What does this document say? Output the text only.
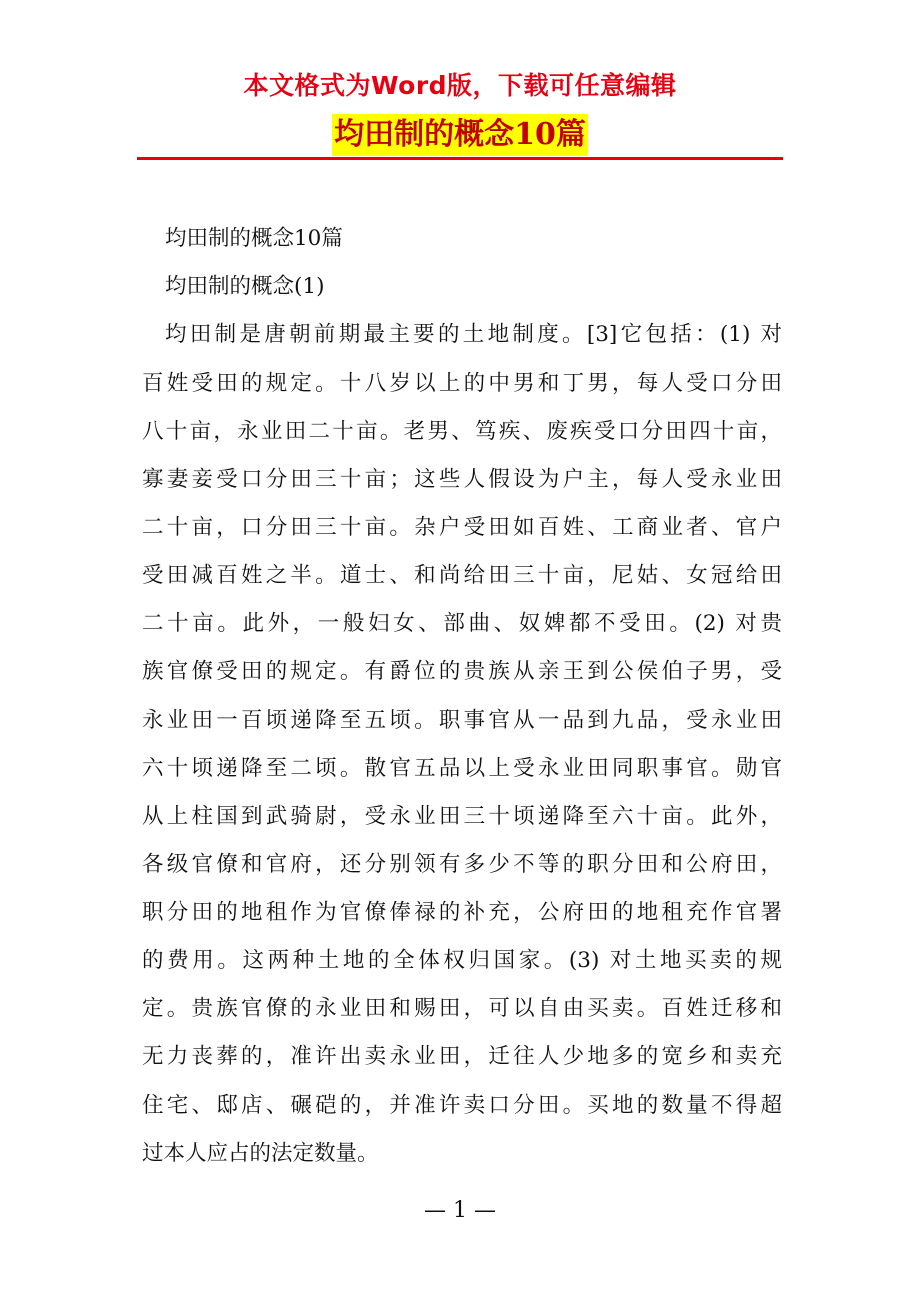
本文格式为Word版，下载可任意编辑
均田制的概念10篇
均田制的概念10篇
均田制的概念(1)
均田制是唐朝前期最主要的土地制度。[3]它包括：(1) 对
百姓受田的规定。十八岁以上的中男和丁男，每人受口分田
八十亩，永业田二十亩。老男、笃疾、废疾受口分田四十亩，
寡妻妾受口分田三十亩；这些人假设为户主，每人受永业田
二十亩，口分田三十亩。杂户受田如百姓、工商业者、官户
受田减百姓之半。道士、和尚给田三十亩，尼姑、女冠给田
二十亩。此外，一般妇女、部曲、奴婢都不受田。(2) 对贵
族官僚受田的规定。有爵位的贵族从亲王到公侯伯子男，受
永业田一百顷递降至五顷。职事官从一品到九品，受永业田
六十顷递降至二顷。散官五品以上受永业田同职事官。勋官
从上柱国到武骑尉，受永业田三十顷递降至六十亩。此外，
各级官僚和官府，还分别领有多少不等的职分田和公府田，
职分田的地租作为官僚俸禄的补充，公府田的地租充作官署
的费用。这两种土地的全体权归国家。(3) 对土地买卖的规
定。贵族官僚的永业田和赐田，可以自由买卖。百姓迁移和
无力丧葬的，准许出卖永业田，迁往人少地多的宽乡和卖充
住宅、邸店、碾硙的，并准许卖口分田。买地的数量不得超
过本人应占的法定数量。
— 1 —
